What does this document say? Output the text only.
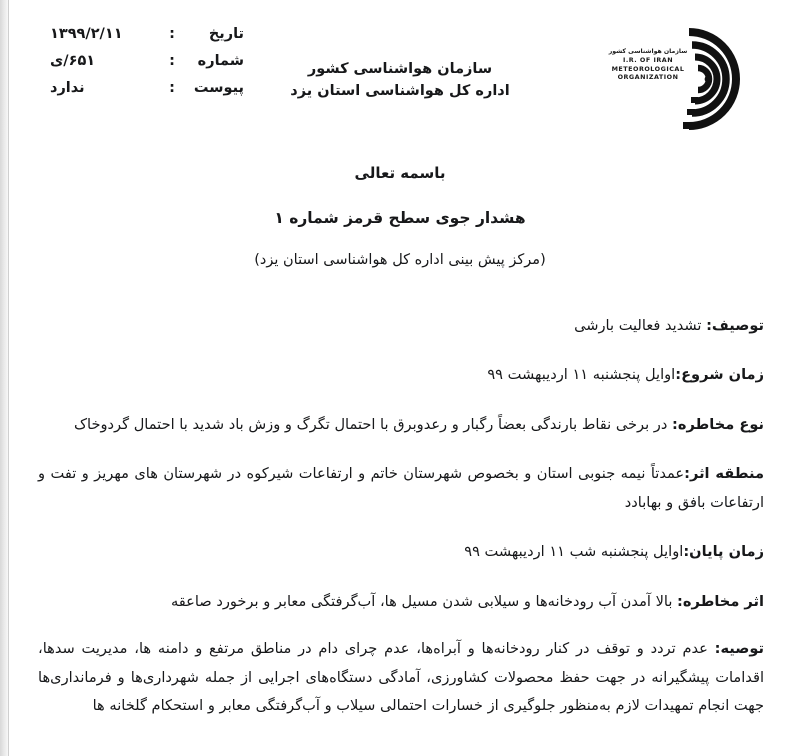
تاریخ
:
۱۳۹۹/۲/۱۱
شماره
:
۶۵۱/ی
پیوست
:
ندارد
سازمان هواشناسی کشور
اداره کل هواشناسی استان یزد
سازمان هواشناسی کشور
I.R. OF IRAN
METEOROLOGICAL
ORGANIZATION
باسمه تعالی
هشدار جوی سطح قرمز شماره ۱
(مرکز پیش بینی اداره کل هواشناسی استان یزد)
توصیف: تشدید فعالیت بارشی
زمان شروع:اوایل پنجشنبه ۱۱ اردیبهشت ۹۹
نوع مخاطره: در برخی نقاط بارندگی بعضاً رگبار و رعدوبرق با احتمال تگرگ و وزش باد شدید با احتمال گردوخاک
منطقه اثر:عمدتاً نیمه جنوبی استان و بخصوص شهرستان خاتم و ارتفاعات شیرکوه در شهرستان های مهریز و تفت و ارتفاعات بافق و بهابادد
زمان پایان:اوایل پنجشنبه شب ۱۱ اردیبهشت ۹۹
اثر مخاطره: بالا آمدن آب رودخانه‌ها و سیلابی شدن مسیل ها، آب‌گرفتگی معابر و برخورد صاعقه
توصیه: عدم تردد و توقف در کنار رودخانه‌ها و آبراه‌ها، عدم چرای دام در مناطق مرتفع و دامنه ها، مدیریت سدها، اقدامات پیشگیرانه در جهت حفظ محصولات کشاورزی، آمادگی دستگاه‌های اجرایی از جمله شهرداری‌ها و فرمانداری‌ها جهت انجام تمهیدات لازم به‌منظور جلوگیری از خسارات احتمالی سیلاب و آب‌گرفتگی معابر و استحکام گلخانه ها
